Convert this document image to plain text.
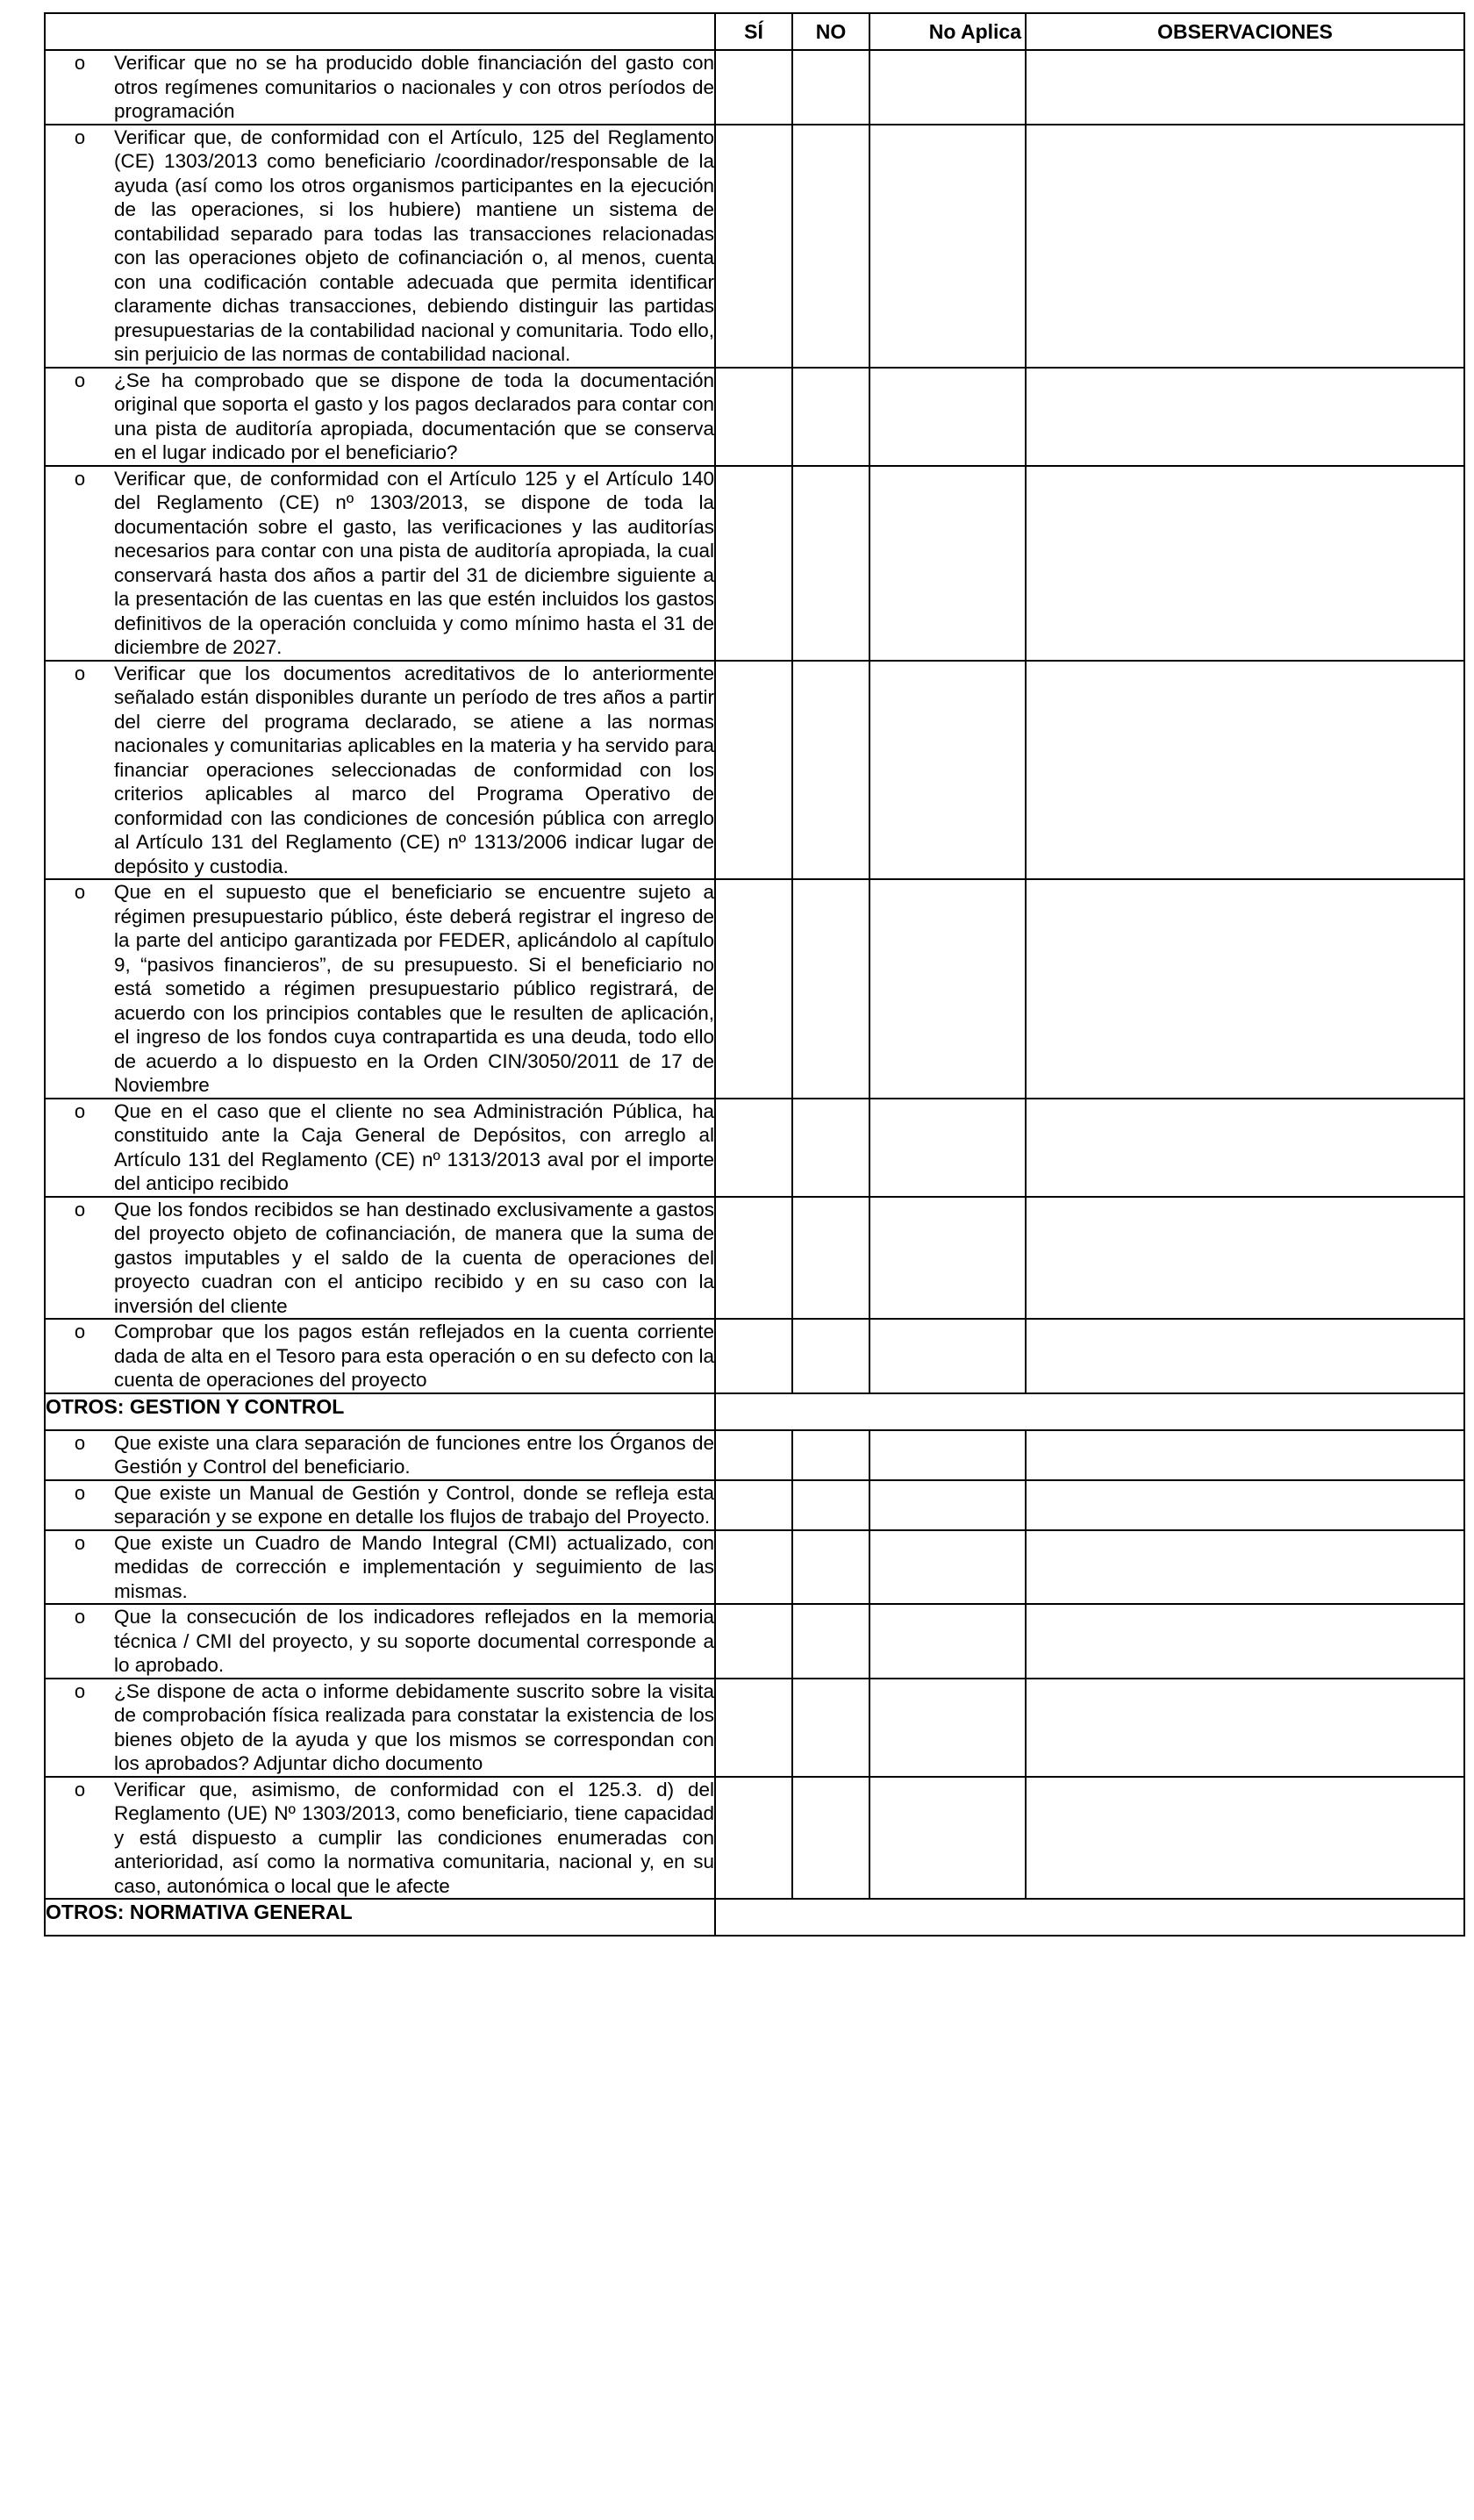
	SÍ	NO	No Aplica	OBSERVACIONES

o Verificar que no se ha producido doble financiación del gasto con otros regímenes comunitarios o nacionales y con otros períodos de programación				

o Verificar que, de conformidad con el Artículo, 125 del Reglamento (CE) 1303/2013 como beneficiario /coordinador/responsable de la ayuda (así como los otros organismos participantes en la ejecución de las operaciones, si los hubiere) mantiene un sistema de contabilidad separado para todas las transacciones relacionadas con las operaciones objeto de cofinanciación o, al menos, cuenta con una codificación contable adecuada que permita identificar claramente dichas transacciones, debiendo distinguir las partidas presupuestarias de la contabilidad nacional y comunitaria. Todo ello, sin perjuicio de las normas de contabilidad nacional.				

o ¿Se ha comprobado que se dispone de toda la documentación original que soporta el gasto y los pagos declarados para contar con una pista de auditoría apropiada, documentación que se conserva en el lugar indicado por el beneficiario?				

o Verificar que, de conformidad con el Artículo 125 y el Artículo 140 del Reglamento (CE) nº 1303/2013, se dispone de toda la documentación sobre el gasto, las verificaciones y las auditorías necesarios para contar con una pista de auditoría apropiada, la cual conservará hasta dos años a partir del 31 de diciembre siguiente a la presentación de las cuentas en las que estén incluidos los gastos definitivos de la operación concluida y como mínimo hasta el 31 de diciembre de 2027.				

o Verificar que los documentos acreditativos de lo anteriormente señalado están disponibles durante un período de tres años a partir del cierre del programa declarado, se atiene a las normas nacionales y comunitarias aplicables en la materia y ha servido para financiar operaciones seleccionadas de conformidad con los criterios aplicables al marco del Programa Operativo de conformidad con las condiciones de concesión pública con arreglo al Artículo 131 del Reglamento (CE) nº 1313/2006 indicar lugar de depósito y custodia.				

o Que en el supuesto que el beneficiario se encuentre sujeto a régimen presupuestario público, éste deberá registrar el ingreso de la parte del anticipo garantizada por FEDER, aplicándolo al capítulo 9, “pasivos financieros”, de su presupuesto. Si el beneficiario no está sometido a régimen presupuestario público registrará, de acuerdo con los principios contables que le resulten de aplicación, el ingreso de los fondos cuya contrapartida es una deuda, todo ello de acuerdo a lo dispuesto en la Orden CIN/3050/2011 de 17 de Noviembre				

o Que en el caso que el cliente no sea Administración Pública, ha constituido ante la Caja General de Depósitos, con arreglo al Artículo 131 del Reglamento (CE) nº 1313/2013 aval por el importe del anticipo recibido				

o Que los fondos recibidos se han destinado exclusivamente a gastos del proyecto objeto de cofinanciación, de manera que la suma de gastos imputables y el saldo de la cuenta de operaciones del proyecto cuadran con el anticipo recibido y en su caso con la inversión del cliente				

o Comprobar que los pagos están reflejados en la cuenta corriente dada de alta en el Tesoro para esta operación o en su defecto con la cuenta de operaciones del proyecto				

OTROS: GESTION Y CONTROL				

o Que existe una clara separación de funciones entre los Órganos de Gestión y Control del beneficiario.				

o Que existe un Manual de Gestión y Control, donde se refleja esta separación y se expone en detalle los flujos de trabajo del Proyecto.				

o Que existe un Cuadro de Mando Integral (CMI) actualizado, con medidas de corrección e implementación y seguimiento de las mismas.				

o Que la consecución de los indicadores reflejados en la memoria técnica / CMI del proyecto, y su soporte documental corresponde a lo aprobado.				

o ¿Se dispone de acta o informe debidamente suscrito sobre la visita de comprobación física realizada para constatar la existencia de los bienes objeto de la ayuda y que los mismos se correspondan con los aprobados? Adjuntar dicho documento				

o Verificar que, asimismo, de conformidad con el 125.3. d) del Reglamento (UE) Nº 1303/2013, como beneficiario, tiene capacidad y está dispuesto a cumplir las condiciones enumeradas con anterioridad, así como la normativa comunitaria, nacional y, en su caso, autonómica o local que le afecte				

OTROS: NORMATIVA GENERAL				
